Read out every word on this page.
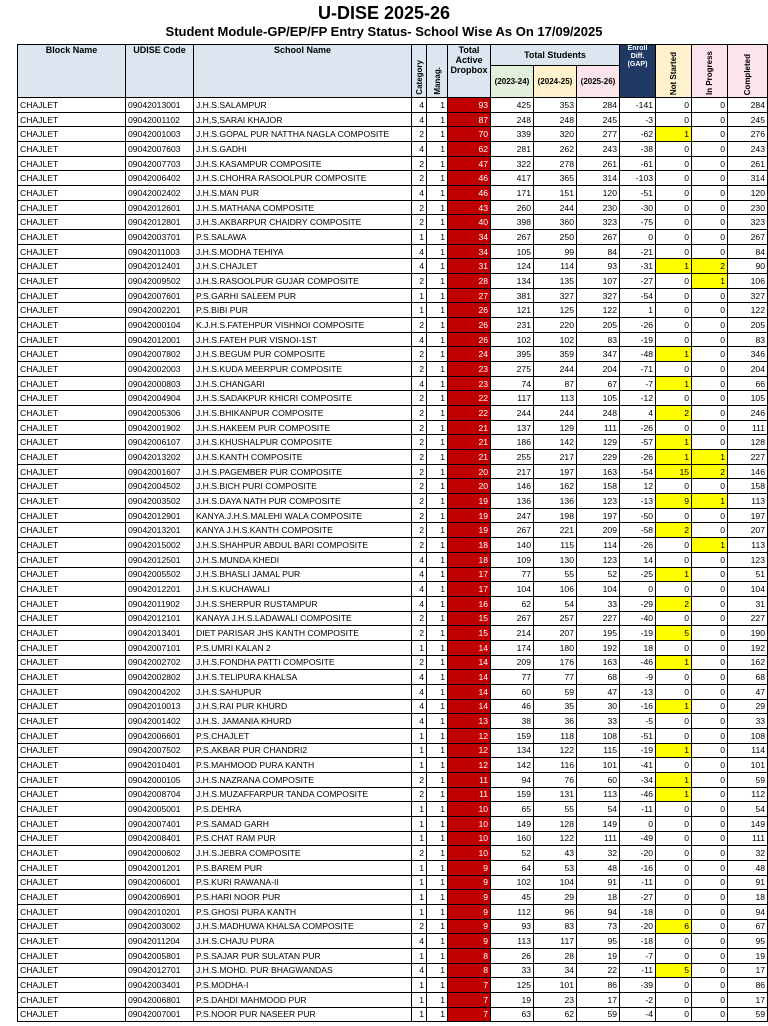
U-DISE 2025-26
Student Module-GP/EP/FP Entry Status- School Wise As On 17/09/2025
Block Name	UDISE Code	School Name	Category	Manag.	Total Active Dropbox	Total Students			Enroll Diff. (GAP)	Not Started	In Progress	Completed
						(2023-24)	(2024-25)	(2025-26)				
CHAJLET	09042013001	J.H.S.SALAMPUR	4	1	93	425	353	284	-141	0	0	284
CHAJLET	09042001102	J.H,S,SARAI KHAJOR	4	1	87	248	248	245	-3	0	0	245
CHAJLET	09042001003	J.H.S.GOPAL PUR NATTHA NAGLA COMPOSITE	2	1	70	339	320	277	-62	1	0	276
CHAJLET	09042007603	J.H.S.GADHI	4	1	62	281	262	243	-38	0	0	243
CHAJLET	09042007703	J.H.S.KASAMPUR COMPOSITE	2	1	47	322	278	261	-61	0	0	261
CHAJLET	09042006402	J.H.S.CHOHRA RASOOLPUR COMPOSITE	2	1	46	417	365	314	-103	0	0	314
CHAJLET	09042002402	J.H.S.MAN PUR	4	1	46	171	151	120	-51	0	0	120
CHAJLET	09042012601	J.H.S.MATHANA COMPOSITE	2	1	43	260	244	230	-30	0	0	230
CHAJLET	09042012801	J.H.S.AKBARPUR CHAIDRY COMPOSITE	2	1	40	398	360	323	-75	0	0	323
CHAJLET	09042003701	P.S.SALAWA	1	1	34	267	250	267	0	0	0	267
CHAJLET	09042011003	J.H.S.MODHA TEHIYA	4	1	34	105	99	84	-21	0	0	84
CHAJLET	09042012401	J.H.S.CHAJLET	4	1	31	124	114	93	-31	1	2	90
CHAJLET	09042009502	J.H.S.RASOOLPUR GUJAR COMPOSITE	2	1	28	134	135	107	-27	0	1	106
CHAJLET	09042007601	P.S.GARHI SALEEM PUR	1	1	27	381	327	327	-54	0	0	327
CHAJLET	09042002201	P.S.BIBI PUR	1	1	26	121	125	122	1	0	0	122
CHAJLET	09042000104	K.J.H.S.FATEHPUR VISHNOI COMPOSITE	2	1	26	231	220	205	-26	0	0	205
CHAJLET	09042012001	J.H.S.FATEH PUR VISNOI-1ST	4	1	26	102	102	83	-19	0	0	83
CHAJLET	09042007802	J.H.S.BEGUM PUR COMPOSITE	2	1	24	395	359	347	-48	1	0	346
CHAJLET	09042002003	J.H.S.KUDA MEERPUR COMPOSITE	2	1	23	275	244	204	-71	0	0	204
CHAJLET	09042000803	J.H.S.CHANGARI	4	1	23	74	87	67	-7	1	0	66
CHAJLET	09042004904	J.H.S.SADAKPUR KHICRI COMPOSITE	2	1	22	117	113	105	-12	0	0	105
CHAJLET	09042005306	J.H.S.BHIKANPUR COMPOSITE	2	1	22	244	244	248	4	2	0	246
CHAJLET	09042001902	J.H.S.HAKEEM PUR COMPOSITE	2	1	21	137	129	111	-26	0	0	111
CHAJLET	09042006107	J.H.S.KHUSHALPUR COMPOSITE	2	1	21	186	142	129	-57	1	0	128
CHAJLET	09042013202	J.H.S.KANTH COMPOSITE	2	1	21	255	217	229	-26	1	1	227
CHAJLET	09042001607	J.H.S.PAGEMBER PUR COMPOSITE	2	1	20	217	197	163	-54	15	2	146
CHAJLET	09042004502	J.H.S.BICH PURI COMPOSITE	2	1	20	146	162	158	12	0	0	158
CHAJLET	09042003502	J.H.S.DAYA NATH PUR COMPOSITE	2	1	19	136	136	123	-13	9	1	113
CHAJLET	09042012901	KANYA.J.H.S.MALEHI WALA COMPOSITE	2	1	19	247	198	197	-50	0	0	197
CHAJLET	09042013201	KANYA J.H.S.KANTH COMPOSITE	2	1	19	267	221	209	-58	2	0	207
CHAJLET	09042015002	J.H.S.SHAHPUR ABDUL BARI COMPOSITE	2	1	18	140	115	114	-26	0	1	113
CHAJLET	09042012501	J.H.S.MUNDA KHEDI	4	1	18	109	130	123	14	0	0	123
CHAJLET	09042005502	J.H.S.BHASLI JAMAL PUR	4	1	17	77	55	52	-25	1	0	51
CHAJLET	09042012201	J.H.S.KUCHAWALI	4	1	17	104	106	104	0	0	0	104
CHAJLET	09042011902	J.H.S.SHERPUR RUSTAMPUR	4	1	16	62	54	33	-29	2	0	31
CHAJLET	09042012101	KANAYA J.H.S.LADAWALI COMPOSITE	2	1	15	267	257	227	-40	0	0	227
CHAJLET	09042013401	DIET PARISAR JHS KANTH COMPOSITE	2	1	15	214	207	195	-19	5	0	190
CHAJLET	09042007101	P.S.UMRI KALAN 2	1	1	14	174	180	192	18	0	0	192
CHAJLET	09042002702	J.H.S.FONDHA PATTI COMPOSITE	2	1	14	209	176	163	-46	1	0	162
CHAJLET	09042002802	J.H.S.TELIPURA KHALSA	4	1	14	77	77	68	-9	0	0	68
CHAJLET	09042004202	J.H.S.SAHUPUR	4	1	14	60	59	47	-13	0	0	47
CHAJLET	09042010013	J.H.S.RAI PUR KHURD	4	1	14	46	35	30	-16	1	0	29
CHAJLET	09042001402	J.H.S. JAMANIA KHURD	4	1	13	38	36	33	-5	0	0	33
CHAJLET	09042006601	P.S.CHAJLET	1	1	12	159	118	108	-51	0	0	108
CHAJLET	09042007502	P.S.AKBAR PUR CHANDRI2	1	1	12	134	122	115	-19	1	0	114
CHAJLET	09042010401	P.S.MAHMOOD PURA KANTH	1	1	12	142	116	101	-41	0	0	101
CHAJLET	09042000105	J.H.S.NAZRANA COMPOSITE	2	1	11	94	76	60	-34	1	0	59
CHAJLET	09042008704	J.H.S.MUZAFFARPUR TANDA COMPOSITE	2	1	11	159	131	113	-46	1	0	112
CHAJLET	09042005001	P.S.DEHRA	1	1	10	65	55	54	-11	0	0	54
CHAJLET	09042007401	P.S.SAMAD GARH	1	1	10	149	128	149	0	0	0	149
CHAJLET	09042008401	P.S.CHAT RAM PUR	1	1	10	160	122	111	-49	0	0	111
CHAJLET	09042000602	J.H.S.JEBRA COMPOSITE	2	1	10	52	43	32	-20	0	0	32
CHAJLET	09042001201	P.S.BAREM PUR	1	1	9	64	53	48	-16	0	0	48
CHAJLET	09042006001	P.S.KURI RAWANA-II	1	1	9	102	104	91	-11	0	0	91
CHAJLET	09042006901	P.S.HARI NOOR PUR	1	1	9	45	29	18	-27	0	0	18
CHAJLET	09042010201	P.S.GHOSI PURA KANTH	1	1	9	112	96	94	-18	0	0	94
CHAJLET	09042003002	J.H.S.MADHUWA KHALSA COMPOSITE	2	1	9	93	83	73	-20	6	0	67
CHAJLET	09042011204	J.H.S.CHAJU PURA	4	1	9	113	117	95	-18	0	0	95
CHAJLET	09042005801	P.S.SAJAR PUR SULATAN PUR	1	1	8	26	28	19	-7	0	0	19
CHAJLET	09042012701	J.H.S.MOHD. PUR BHAGWANDAS	4	1	8	33	34	22	-11	5	0	17
CHAJLET	09042003401	P.S.MODHA-I	1	1	7	125	101	86	-39	0	0	86
CHAJLET	09042006801	P.S.DAHDI MAHMOOD PUR	1	1	7	19	23	17	-2	0	0	17
CHAJLET	09042007001	P.S.NOOR PUR NASEER PUR	1	1	7	63	62	59	-4	0	0	59
